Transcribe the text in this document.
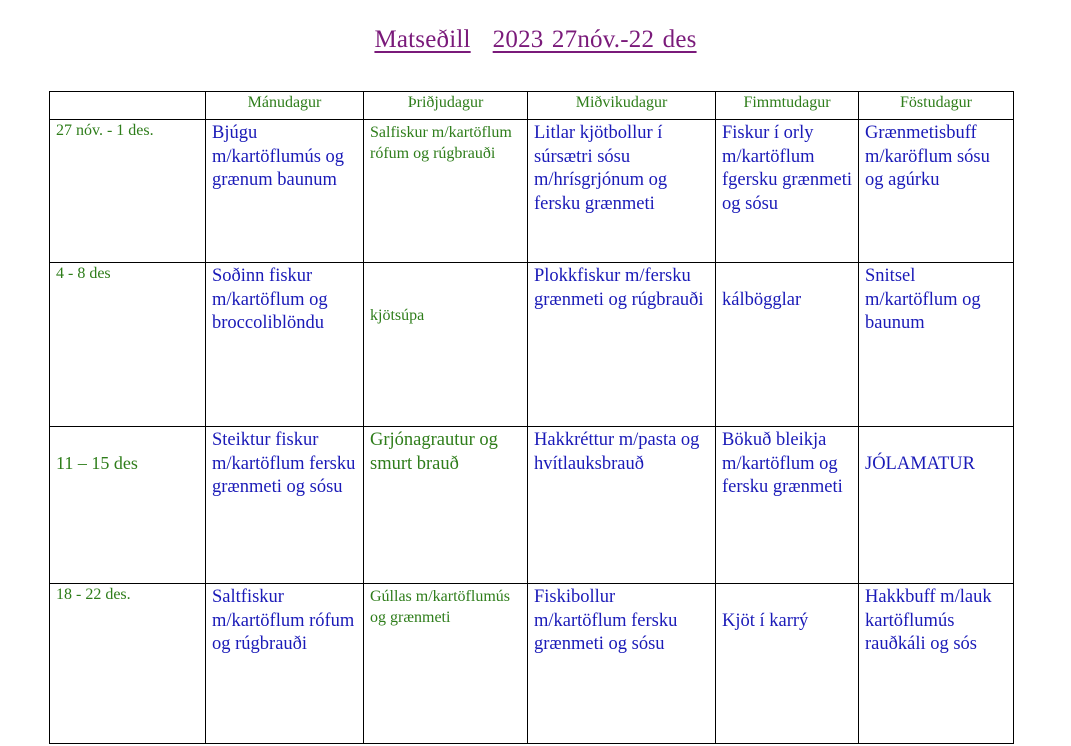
Matseðill 2023 27nóv.-22 des
	Mánudagur	Þriðjudagur	Miðvikudagur	Fimmtudagur	Föstudagur
27 nóv. - 1 des.	Bjúgu m/kartöflumús og grænum baunum	Salfiskur m/kartöflum rófum og rúgbrauði	Litlar kjötbollur í súrsætri sósu m/hrísgrjónum og fersku grænmeti	Fiskur í orly m/kartöflum fgersku grænmeti og sósu	Grænmetisbuff m/karöflum sósu og agúrku
4 - 8 des	Soðinn fiskur m/kartöflum og broccoliblöndu	kjötsúpa	Plokkfiskur m/fersku grænmeti og rúgbrauði	kálbögglar	Snitsel m/kartöflum og baunum
11 – 15 des	Steiktur fiskur m/kartöflum fersku grænmeti og sósu	Grjónagrautur og smurt brauð	Hakkréttur m/pasta og hvítlauksbrauð	Bökuð bleikja m/kartöflum og fersku grænmeti	JÓLAMATUR
18 - 22 des.	Saltfiskur m/kartöflum rófum og rúgbrauði	Gúllas m/kartöflumús og grænmeti	Fiskibollur m/kartöflum fersku grænmeti og sósu	Kjöt í karrý	Hakkbuff m/lauk kartöflumús rauðkáli og sós
